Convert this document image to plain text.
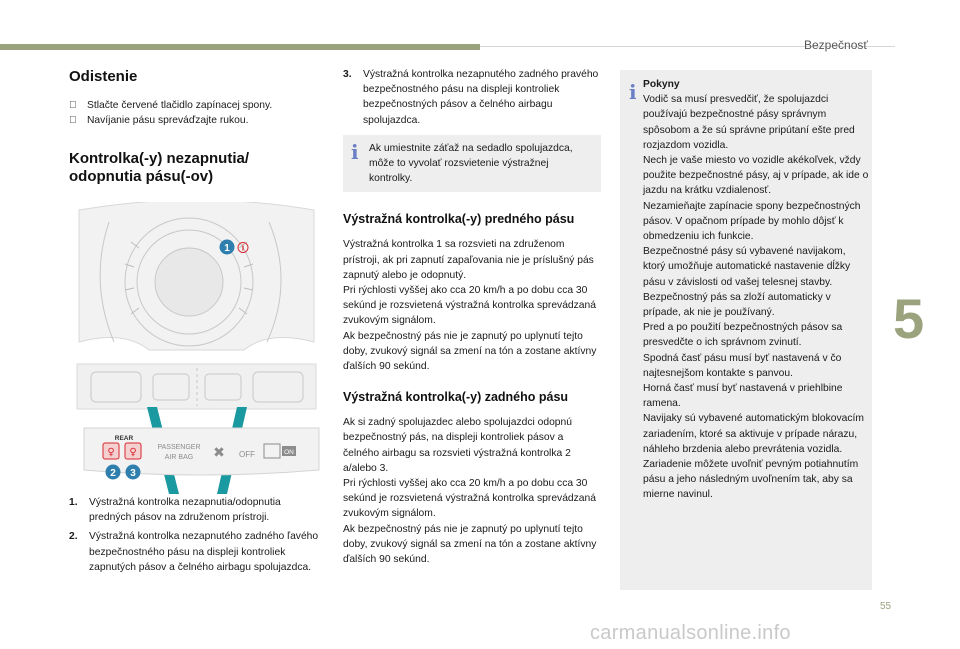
Bezpečnosť
5
55
carmanualsonline.info
Odistenie
Stlačte červené tlačidlo zapínacej spony.
Navíjanie pásu spreváďzajte rukou.
Kontrolka(-y) nezapnutia/ odopnutia pásu(-ov)
1 🛈
REAR
♀ ♀	PASSENGER
AIR BAG ✖ OFF	ON
2 3
1.	Výstražná kontrolka nezapnutia/odopnutia predných pásov na združenom prístroji.
2.	Výstražná kontrolka nezapnutého zadného ľavého bezpečnostného pásu na displeji kontroliek zapnutých pásov a čelného airbagu spolujazdca.
3.	Výstražná kontrolka nezapnutého zadného pravého bezpečnostného pásu na displeji kontroliek bezpečnostných pásov a čelného airbagu spolujazdca.
i Ak umiestnite záťaž na sedadlo spolujazdca, môže to vyvolať rozsvietenie výstražnej kontrolky.

Výstražná kontrolka(-y) predného pásu

Výstražná kontrolka 1 sa rozsvieti na združenom prístroji, ak pri zapnutí zapaľovania nie je príslušný pás zapnutý alebo je odopnutý.
Pri rýchlosti vyššej ako cca 20 km/h a po dobu cca 30 sekúnd je rozsvietená výstražná kontrolka sprevádzaná zvukovým signálom.
Ak bezpečnostný pás nie je zapnutý po uplynutí tejto doby, zvukový signál sa zmení na tón a zostane aktívny ďalších 90 sekúnd.

Výstražná kontrolka(-y) zadného pásu

Ak si zadný spolujazdec alebo spolujazdci odopnú bezpečnostný pás, na displeji kontroliek pásov a čelného airbagu sa rozsvieti výstražná kontrolka 2 a/alebo 3.
Pri rýchlosti vyššej ako cca 20 km/h a po dobu cca 30 sekúnd je rozsvietená výstražná kontrolka sprevádzaná zvukovým signálom.
Ak bezpečnostný pás nie je zapnutý po uplynutí tejto doby, zvukový signál sa zmení na tón a zostane aktívny ďalších 90 sekúnd.

i Pokyny

Vodič sa musí presvedčiť, že spolujazdci používajú bezpečnostné pásy správnym spôsobom a že sú správne pripútaní ešte pred rozjazdom vozidla.
Nech je vaše miesto vo vozidle akékoľvek, vždy použite bezpečnostné pásy, aj v prípade, ak ide o jazdu na krátku vzdialenosť.
Nezamieňajte zapínacie spony bezpečnostných pásov. V opačnom prípade by mohlo dôjsť k obmedzeniu ich funkcie.
Bezpečnostné pásy sú vybavené navijakom, ktorý umožňuje automatické nastavenie dĺžky pásu v závislosti od vašej telesnej stavby. Bezpečnostný pás sa zloží automaticky v prípade, ak nie je používaný.
Pred a po použití bezpečnostných pásov sa presvedčte o ich správnom zvinutí.
Spodná časť pásu musí byť nastavená v čo najtesnejšom kontakte s panvou.
Horná časť musí byť nastavená v priehlbine ramena.
Navijaky sú vybavené automatickým blokovacím zariadením, ktoré sa aktivuje v prípade nárazu, náhleho brzdenia alebo prevrátenia vozidla. Zariadenie môžete uvoľniť pevným potiahnutím pásu a jeho následným uvoľnením tak, aby sa mierne navinul.
